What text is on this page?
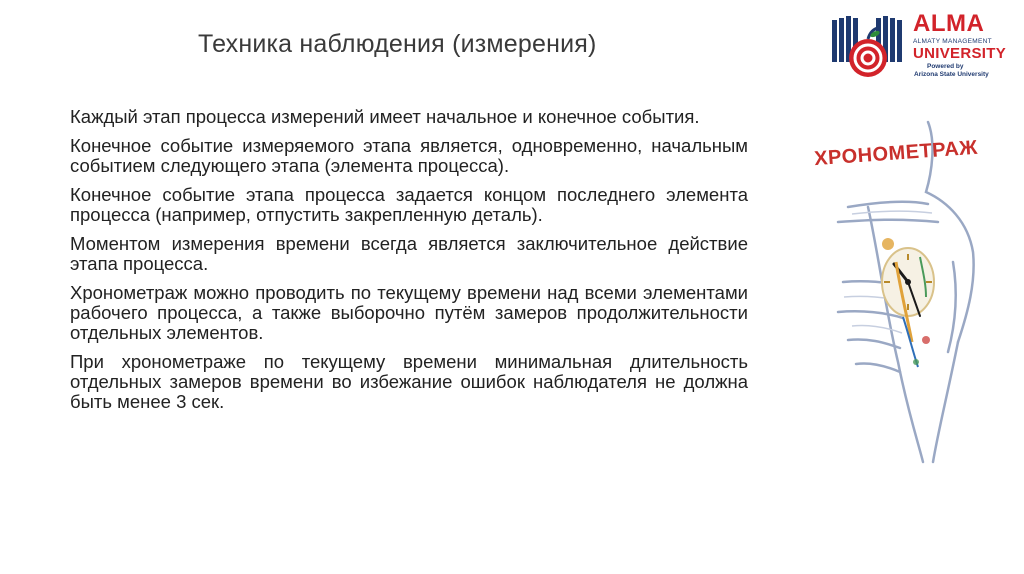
Техника наблюдения (измерения)
ALMA
ALMATY MANAGEMENT
UNIVERSITY
Powered by
Arizona State University

Каждый этап процесса измерений имеет начальное и конечное события.

Конечное событие измеряемого этапа является, одновременно, начальным событием следующего этапа (элемента процесса).

Конечное событие этапа процесса задается концом последнего элемента процесса (например, отпустить закрепленную деталь).

Моментом измерения времени всегда является заключительное действие этапа процесса.

Хронометраж можно проводить по текущему времени над всеми элементами рабочего процесса, а также выборочно путём замеров продолжительности отдельных элементов.

При хронометраже по текущему времени минимальная длительность отдельных замеров времени во избежание ошибок наблюдателя не должна быть менее 3 сек.

ХРОНОМЕТРАЖ
